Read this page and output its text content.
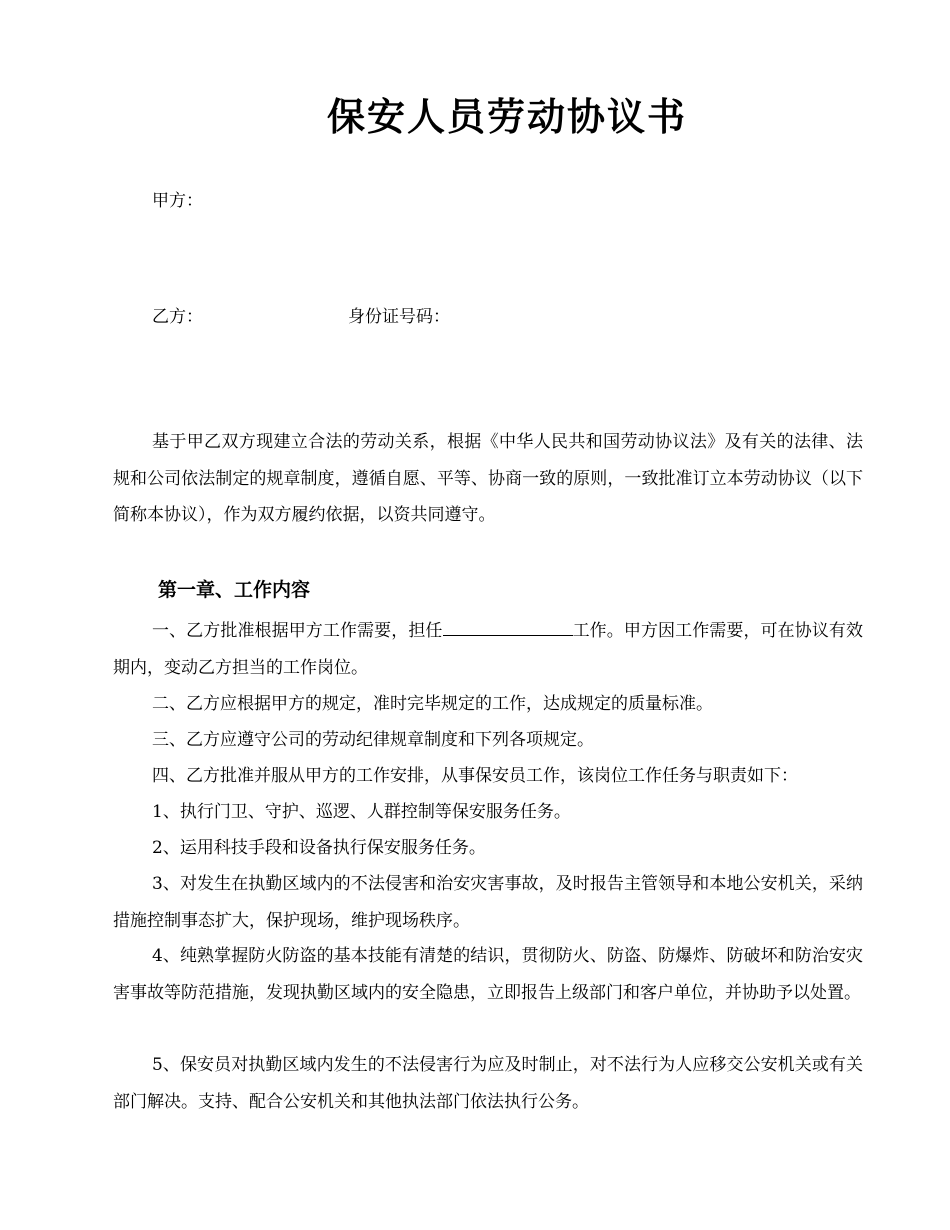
保安人员劳动协议书
甲方：
乙方：	身份证号码：
基于甲乙双方现建立合法的劳动关系，根据《中华人民共和国劳动协议法》及有关的法律、法规和公司依法制定的规章制度，遵循自愿、平等、协商一致的原则，一致批准订立本劳动协议（以下简称本协议），作为双方履约依据，以资共同遵守。
第一章、工作内容
一、乙方批准根据甲方工作需要，担任	工作。甲方因工作需要，可在协议有效期内，变动乙方担当的工作岗位。
二、乙方应根据甲方的规定，准时完毕规定的工作，达成规定的质量标准。
三、乙方应遵守公司的劳动纪律规章制度和下列各项规定。
四、乙方批准并服从甲方的工作安排，从事保安员工作，该岗位工作任务与职责如下：
1、执行门卫、守护、巡逻、人群控制等保安服务任务。
2、运用科技手段和设备执行保安服务任务。
3、对发生在执勤区域内的不法侵害和治安灾害事故，及时报告主管领导和本地公安机关，采纳措施控制事态扩大，保护现场，维护现场秩序。
4、纯熟掌握防火防盗的基本技能有清楚的结识，贯彻防火、防盗、防爆炸、防破坏和防治安灾害事故等防范措施，发现执勤区域内的安全隐患，立即报告上级部门和客户单位，并协助予以处置。
5、保安员对执勤区域内发生的不法侵害行为应及时制止，对不法行为人应移交公安机关或有关部门解决。支持、配合公安机关和其他执法部门依法执行公务。
